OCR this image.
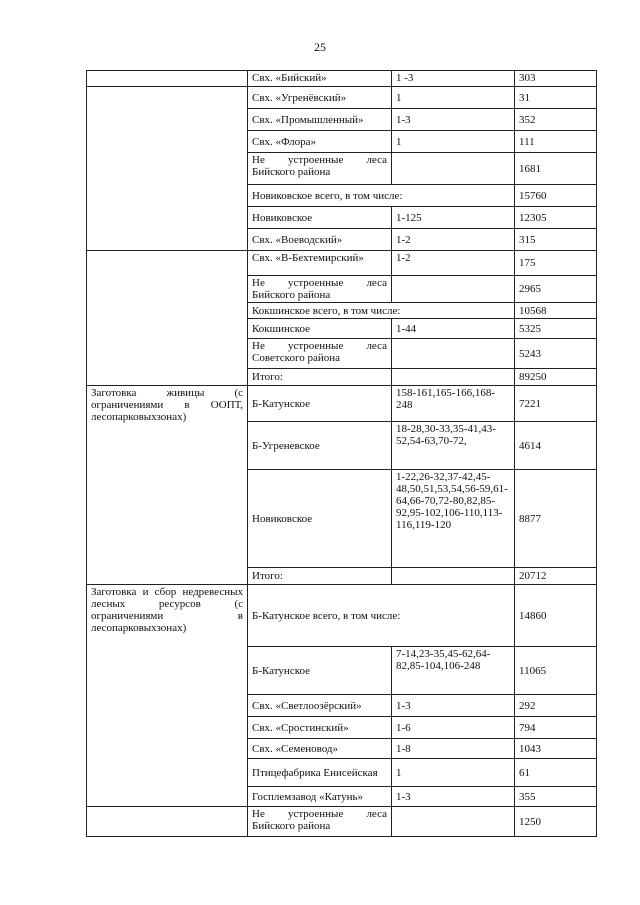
25
	Свх. «Бийский»	1 -3	303
	Свх. «Угренёвский»	1	31
	Свх. «Промышленный»	1-3	352
	Свх. «Флора»	1	111
	Не устроенные леса Бийского района		1681
	Новиковское всего, в том числе:		15760
	Новиковское	1-125	12305
	Свх. «Воеводский»	1-2	315
	Свх. «В-Бехтемирский»	1-2	175
	Не устроенные леса Бийского района		2965
	Кокшинское всего, в том числе:		10568
	Кокшинское	1-44	5325
	Не устроенные леса Советского района		5243
	Итого:		89250
Заготовка живицы (с ограничениями в ООПТ, лесопарковыхзонах)	Б-Катунское	158-161,165-166,168-248	7221
	Б-Угреневское	18-28,30-33,35-41,43-52,54-63,70-72,	4614
	Новиковское	1-22,26-32,37-42,45-48,50,51,53,54,56-59,61-64,66-70,72-80,82,85-92,95-102,106-110,113-116,119-120	8877
	Итого:		20712
Заготовка и сбор недревесных лесных ресурсов (с ограничениями в лесопарковыхзонах)	Б-Катунское всего, в том числе:		14860
	Б-Катунское	7-14,23-35,45-62,64-82,85-104,106-248	11065
	Свх. «Светлоозёрский»	1-3	292
	Свх. «Сростинский»	1-6	794
	Свх. «Семеновод»	1-8	1043
	Птицефабрика Енисейская	1	61
	Госплемзавод «Катунь»	1-3	355
	Не устроенные леса Бийского района		1250
